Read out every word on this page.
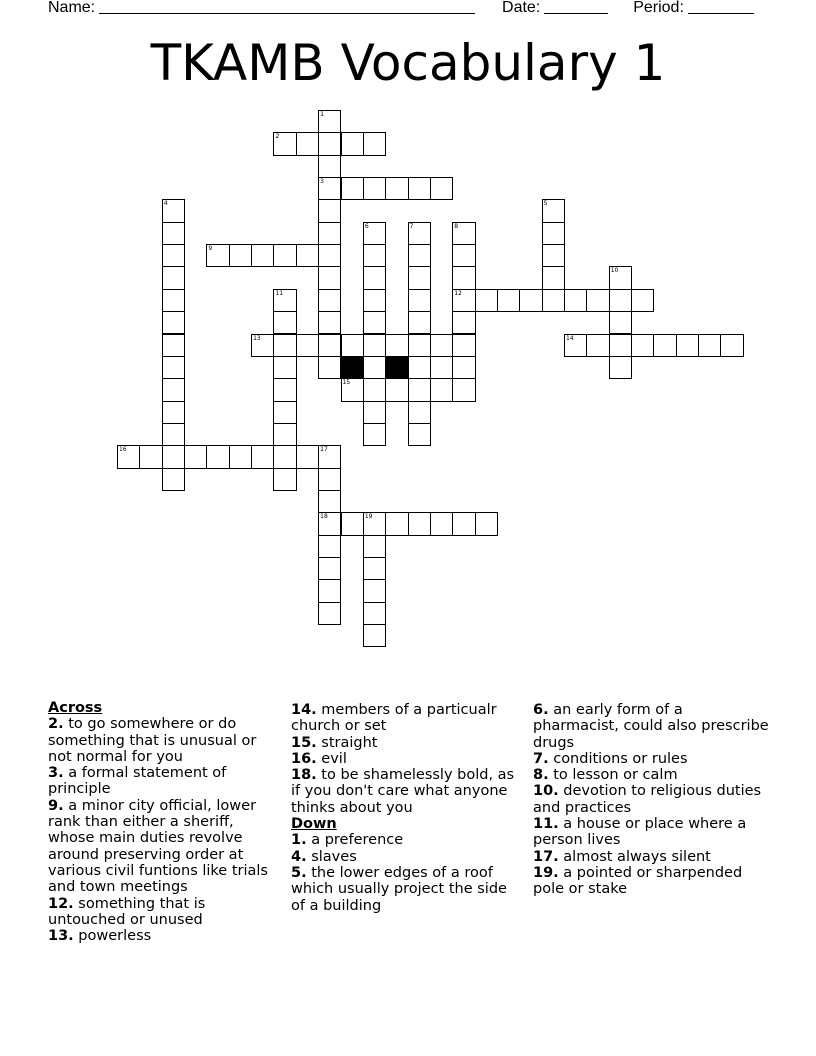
Name:	Date:	Period:
TKAMB Vocabulary 1
1
3
2
4	5
6	7	8
12
9
10
11
13	14
15
16	17
18	19
Across
2. to go somewhere or do something that is unusual or not normal for you
3. a formal statement of principle
9. a minor city official, lower rank than either a sheriff, whose main duties revolve around preserving order at various civil funtions like trials and town meetings
12. something that is untouched or unused
13. powerless
14. members of a particualr church or set
15. straight
16. evil
18. to be shamelessly bold, as if you don't care what anyone thinks about you
Down
1. a preference
4. slaves
5. the lower edges of a roof which usually project the side of a building
6. an early form of a pharmacist, could also prescribe drugs
7. conditions or rules
8. to lesson or calm
10. devotion to religious duties and practices
11. a house or place where a person lives
17. almost always silent
19. a pointed or sharpended pole or stake
